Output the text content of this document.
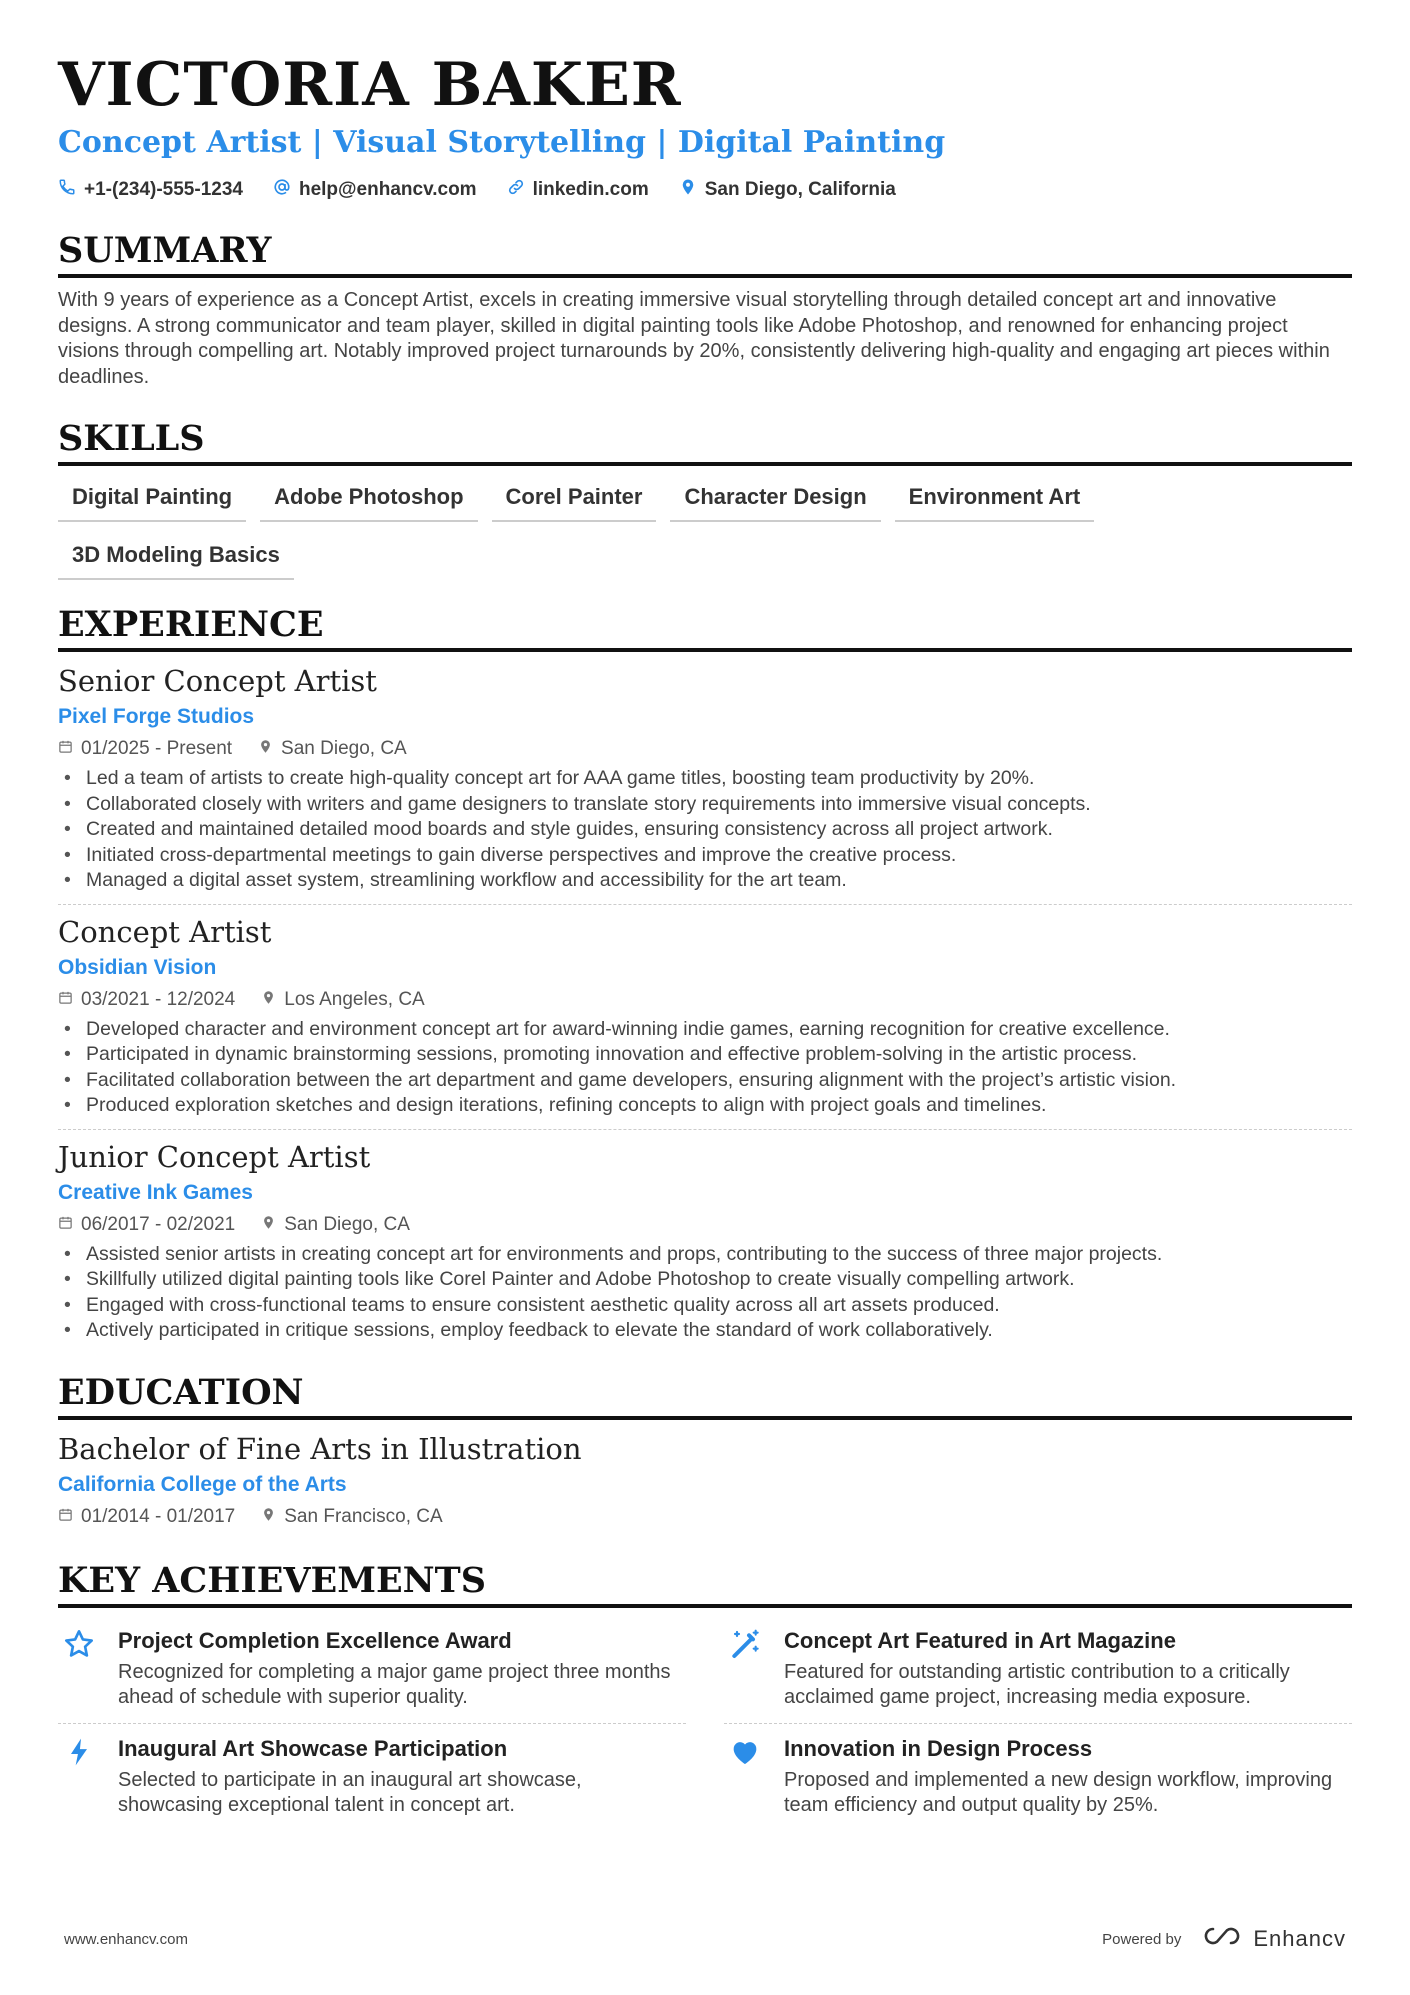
VICTORIA BAKER
Concept Artist | Visual Storytelling | Digital Painting
+1-(234)-555-1234	help@enhancv.com	linkedin.com	San Diego, California
SUMMARY
With 9 years of experience as a Concept Artist, excels in creating immersive visual storytelling through detailed concept art and innovative designs. A strong communicator and team player, skilled in digital painting tools like Adobe Photoshop, and renowned for enhancing project visions through compelling art. Notably improved project turnarounds by 20%, consistently delivering high-quality and engaging art pieces within deadlines.
SKILLS
Digital Painting	Adobe Photoshop	Corel Painter	Character Design	Environment Art
3D Modeling Basics
EXPERIENCE
Senior Concept Artist
Pixel Forge Studios
01/2025 - Present	San Diego, CA
• Led a team of artists to create high-quality concept art for AAA game titles, boosting team productivity by 20%.
• Collaborated closely with writers and game designers to translate story requirements into immersive visual concepts.
• Created and maintained detailed mood boards and style guides, ensuring consistency across all project artwork.
• Initiated cross-departmental meetings to gain diverse perspectives and improve the creative process.
• Managed a digital asset system, streamlining workflow and accessibility for the art team.
Concept Artist
Obsidian Vision
03/2021 - 12/2024	Los Angeles, CA
• Developed character and environment concept art for award-winning indie games, earning recognition for creative excellence.
• Participated in dynamic brainstorming sessions, promoting innovation and effective problem-solving in the artistic process.
• Facilitated collaboration between the art department and game developers, ensuring alignment with the project’s artistic vision.
• Produced exploration sketches and design iterations, refining concepts to align with project goals and timelines.
Junior Concept Artist
Creative Ink Games
06/2017 - 02/2021	San Diego, CA
• Assisted senior artists in creating concept art for environments and props, contributing to the success of three major projects.
• Skillfully utilized digital painting tools like Corel Painter and Adobe Photoshop to create visually compelling artwork.
• Engaged with cross-functional teams to ensure consistent aesthetic quality across all art assets produced.
• Actively participated in critique sessions, employ feedback to elevate the standard of work collaboratively.
EDUCATION
Bachelor of Fine Arts in Illustration
California College of the Arts
01/2014 - 01/2017	San Francisco, CA
KEY ACHIEVEMENTS
Project Completion Excellence Award
Recognized for completing a major game project three months ahead of schedule with superior quality.
Concept Art Featured in Art Magazine
Featured for outstanding artistic contribution to a critically acclaimed game project, increasing media exposure.
Inaugural Art Showcase Participation
Selected to participate in an inaugural art showcase, showcasing exceptional talent in concept art.
Innovation in Design Process
Proposed and implemented a new design workflow, improving team efficiency and output quality by 25%.
www.enhancv.com	Powered by	Enhancv
